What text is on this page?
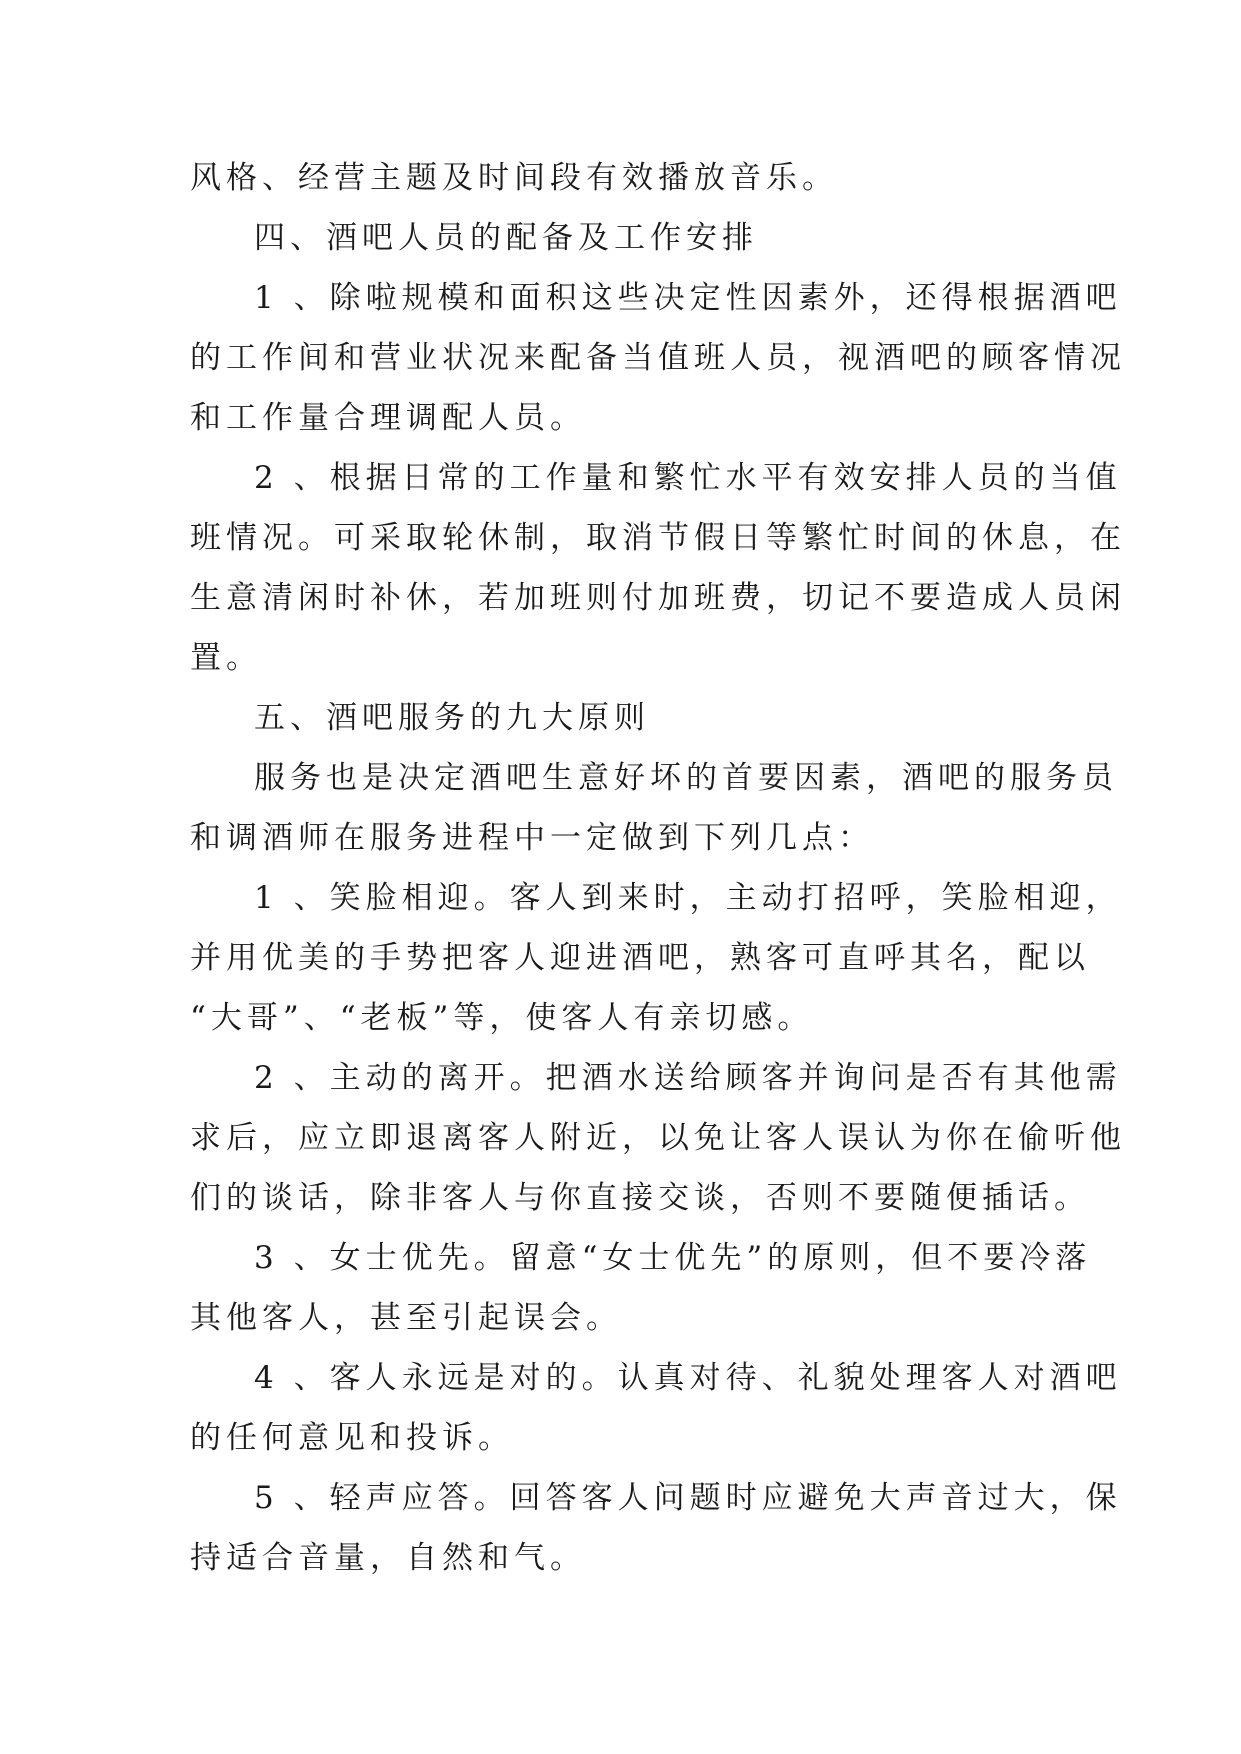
风格、经营主题及时间段有效播放音乐。
四、酒吧人员的配备及工作安排
1 、除啦规模和面积这些决定性因素外，还得根据酒吧
的工作间和营业状况来配备当值班人员，视酒吧的顾客情况
和工作量合理调配人员。
2 、根据日常的工作量和繁忙水平有效安排人员的当值
班情况。可采取轮休制，取消节假日等繁忙时间的休息，在
生意清闲时补休，若加班则付加班费，切记不要造成人员闲
置。
五、酒吧服务的九大原则
服务也是决定酒吧生意好坏的首要因素，酒吧的服务员
和调酒师在服务进程中一定做到下列几点：
1 、笑脸相迎。客人到来时，主动打招呼，笑脸相迎，
并用优美的手势把客人迎进酒吧，熟客可直呼其名，配以
“大哥”、“老板”等，使客人有亲切感。
2 、主动的离开。把酒水送给顾客并询问是否有其他需
求后，应立即退离客人附近，以免让客人误认为你在偷听他
们的谈话，除非客人与你直接交谈，否则不要随便插话。
3 、女士优先。留意“女士优先”的原则，但不要冷落
其他客人，甚至引起误会。
4 、客人永远是对的。认真对待、礼貌处理客人对酒吧
的任何意见和投诉。
5 、轻声应答。回答客人问题时应避免大声音过大，保
持适合音量，自然和气。
